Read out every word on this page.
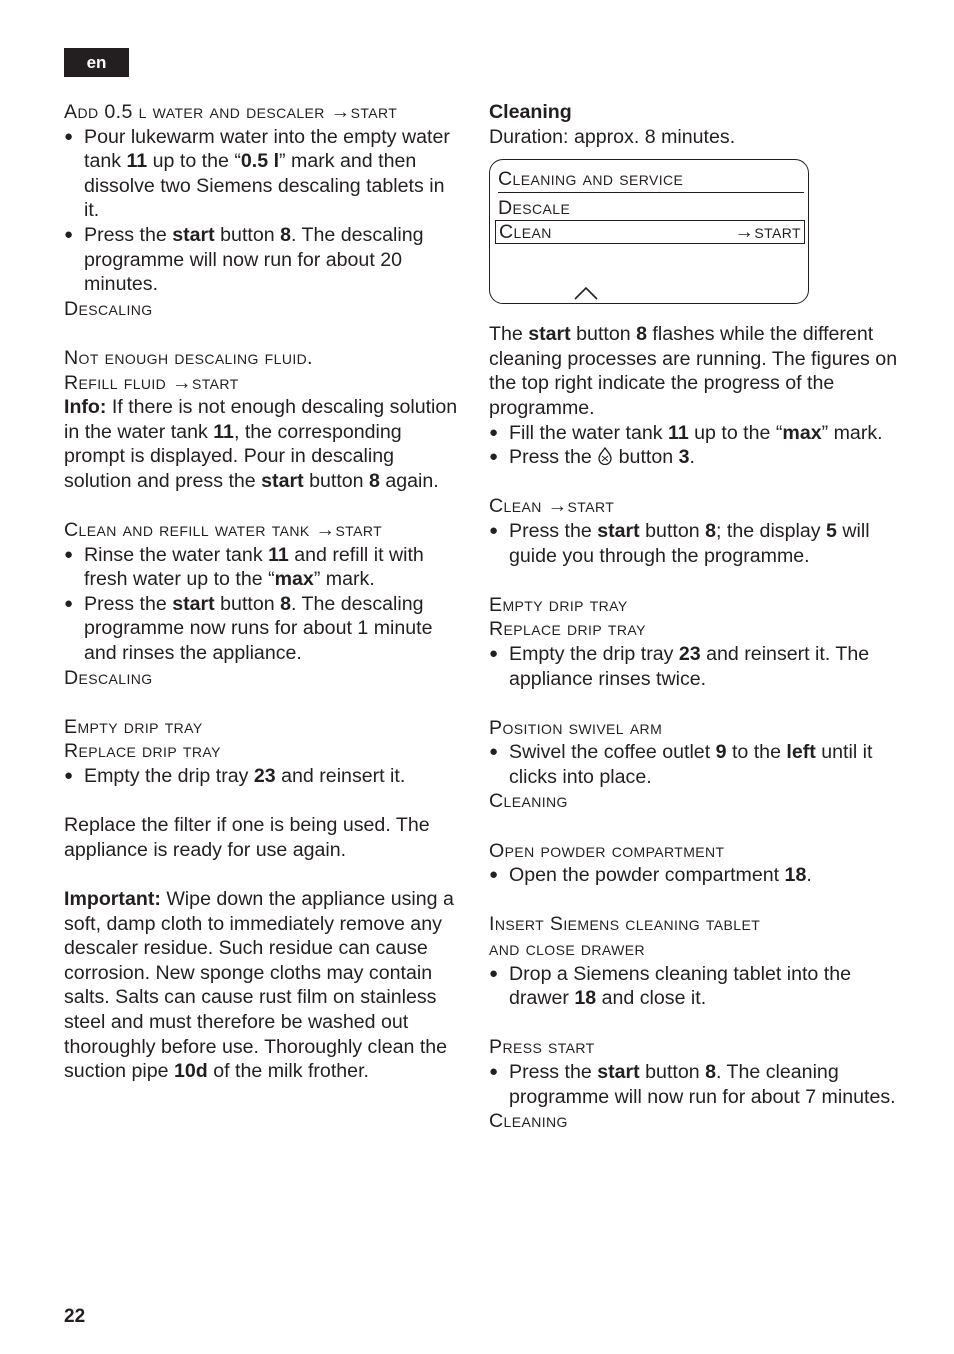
en
Add 0.5 l water and descaler →start
● Pour lukewarm water into the empty water tank 11 up to the “0.5 l” mark and then dissolve two Siemens descaling tablets in it.
● Press the start button 8. The descaling programme will now run for about 20 minutes.
Descaling
Not enough descaling fluid.
Refill fluid →start
Info: If there is not enough descaling solution in the water tank 11, the corresponding prompt is displayed. Pour in descaling solution and press the start button 8 again.
Clean and refill water tank →start
● Rinse the water tank 11 and refill it with fresh water up to the “max” mark.
● Press the start button 8. The descaling programme now runs for about 1 minute and rinses the appliance.
Descaling
Empty drip tray
Replace drip tray
● Empty the drip tray 23 and reinsert it.
Replace the filter if one is being used. The appliance is ready for use again.
Important: Wipe down the appliance using a soft, damp cloth to immediately remove any descaler residue. Such residue can cause corrosion. New sponge cloths may contain salts. Salts can cause rust film on stainless steel and must therefore be washed out thoroughly before use. Thoroughly clean the suction pipe 10d of the milk frother.
Cleaning
Duration: approx. 8 minutes.
Cleaning and service
Descale
Clean	→start
The start button 8 flashes while the different cleaning processes are running. The figures on the top right indicate the progress of the programme.
● Fill the water tank 11 up to the “max” mark.
● Press the  button 3.
Clean →start
● Press the start button 8; the display 5 will guide you through the programme.
Empty drip tray
Replace drip tray
● Empty the drip tray 23 and reinsert it. The appliance rinses twice.
Position swivel arm
● Swivel the coffee outlet 9 to the left until it clicks into place.
Cleaning
Open powder compartment
● Open the powder compartment 18.
Insert Siemens cleaning tablet
and close drawer
● Drop a Siemens cleaning tablet into the drawer 18 and close it.
Press start
● Press the start button 8. The cleaning programme will now run for about 7 minutes.
Cleaning
22
